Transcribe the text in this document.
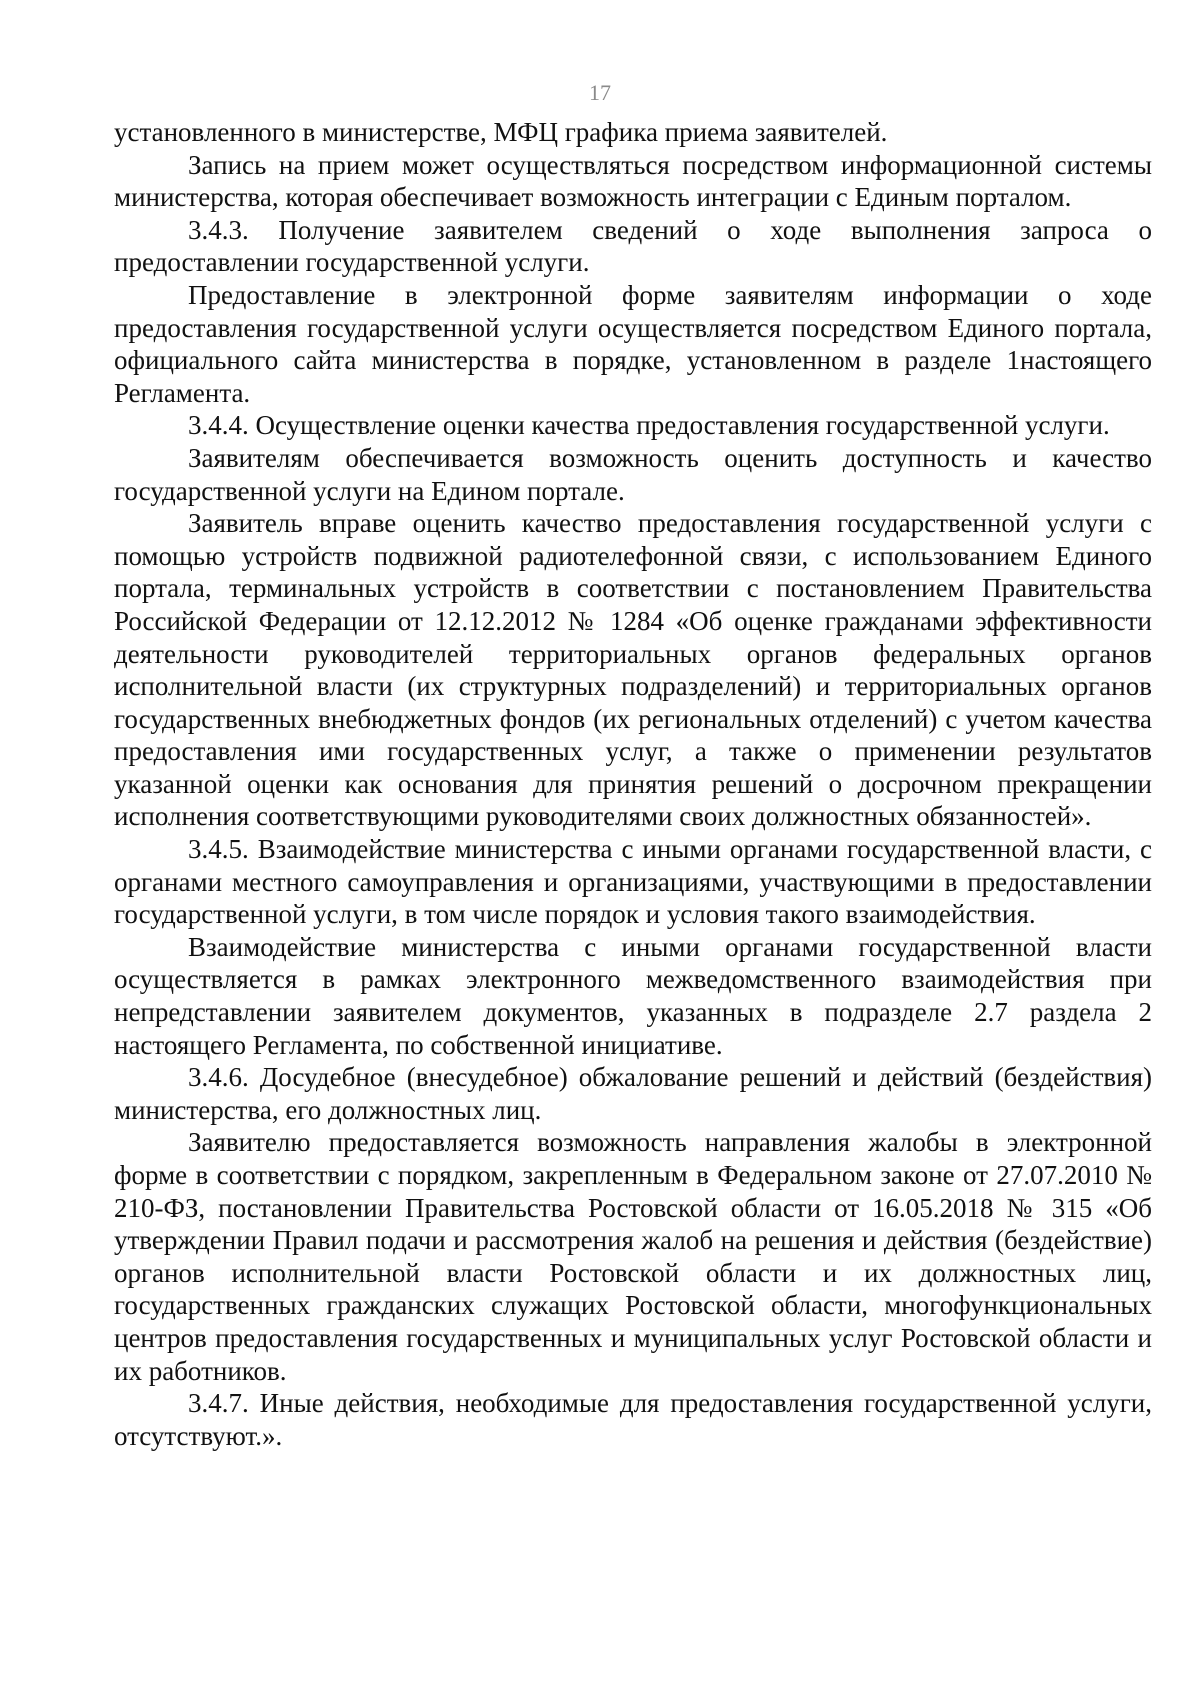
17

установленного в министерстве, МФЦ графика приема заявителей.

Запись на прием может осуществляться посредством информационной системы министерства, которая обеспечивает возможность интеграции с Единым порталом.

3.4.3. Получение заявителем сведений о ходе выполнения запроса о предоставлении государственной услуги.

Предоставление в электронной форме заявителям информации о ходе предоставления государственной услуги осуществляется посредством Единого портала, официального сайта министерства в порядке, установленном в разделе 1настоящего Регламента.

3.4.4. Осуществление оценки качества предоставления государственной услуги.

Заявителям обеспечивается возможность оценить доступность и качество государственной услуги на Едином портале.

Заявитель вправе оценить качество предоставления государственной услуги с помощью устройств подвижной радиотелефонной связи, с использованием Единого портала, терминальных устройств в соответствии с постановлением Правительства Российской Федерации от 12.12.2012 № 1284 «Об оценке гражданами эффективности деятельности руководителей территориальных органов федеральных органов исполнительной власти (их структурных подразделений) и территориальных органов государственных внебюджетных фондов (их региональных отделений) с учетом качества предоставления ими государственных услуг, а также о применении результатов указанной оценки как основания для принятия решений о досрочном прекращении исполнения соответствующими руководителями своих должностных обязанностей».

3.4.5. Взаимодействие министерства с иными органами государственной власти, с органами местного самоуправления и организациями, участвующими в предоставлении государственной услуги, в том числе порядок и условия такого взаимодействия.

Взаимодействие министерства с иными органами государственной власти осуществляется в рамках электронного межведомственного взаимодействия при непредставлении заявителем документов, указанных в подразделе 2.7 раздела 2 настоящего Регламента, по собственной инициативе.

3.4.6. Досудебное (внесудебное) обжалование решений и действий (бездействия) министерства, его должностных лиц.

Заявителю предоставляется возможность направления жалобы в электронной форме в соответствии с порядком, закрепленным в Федеральном законе от 27.07.2010 № 210-ФЗ, постановлении Правительства Ростовской области от 16.05.2018 № 315 «Об утверждении Правил подачи и рассмотрения жалоб на решения и действия (бездействие) органов исполнительной власти Ростовской области и их должностных лиц, государственных гражданских служащих Ростовской области, многофункциональных центров предоставления государственных и муниципальных услуг Ростовской области и их работников.

3.4.7. Иные действия, необходимые для предоставления государственной услуги, отсутствуют.».
